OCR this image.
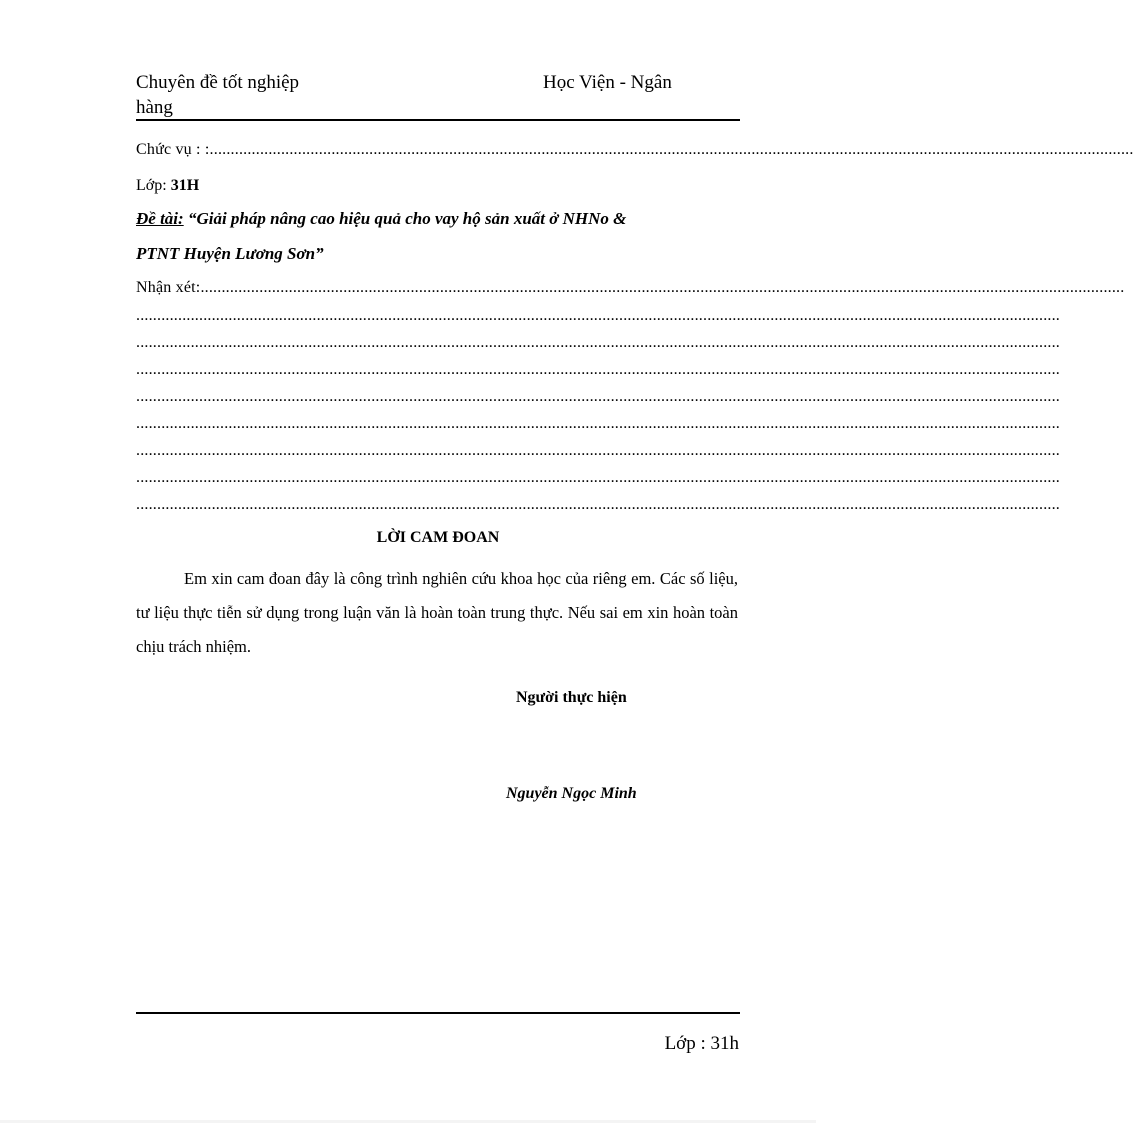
Chuyên đề tốt nghiệp
hàng
Học Viện - Ngân
Chức vụ : :............................................................................................................................................................................................................................
Lớp: 31H
Đề tài: “Giải pháp nâng cao hiệu quả cho vay hộ sản xuất ở NHNo &
PTNT Huyện Lương Sơn”
Nhận xét:............................................................................................................................................................................................................................
............................................................................................................................................................................................................................
............................................................................................................................................................................................................................
............................................................................................................................................................................................................................
............................................................................................................................................................................................................................
............................................................................................................................................................................................................................
............................................................................................................................................................................................................................
............................................................................................................................................................................................................................
............................................................................................................................................................................................................................
LỜI CAM ĐOAN
Em xin cam đoan đây là công trình nghiên cứu khoa học của riêng em. Các số liệu, tư liệu thực tiễn sử dụng trong luận văn là hoàn toàn trung thực. Nếu sai em xin hoàn toàn chịu trách nhiệm.
Người thực hiện
Nguyễn Ngọc Minh
Lớp : 31h
